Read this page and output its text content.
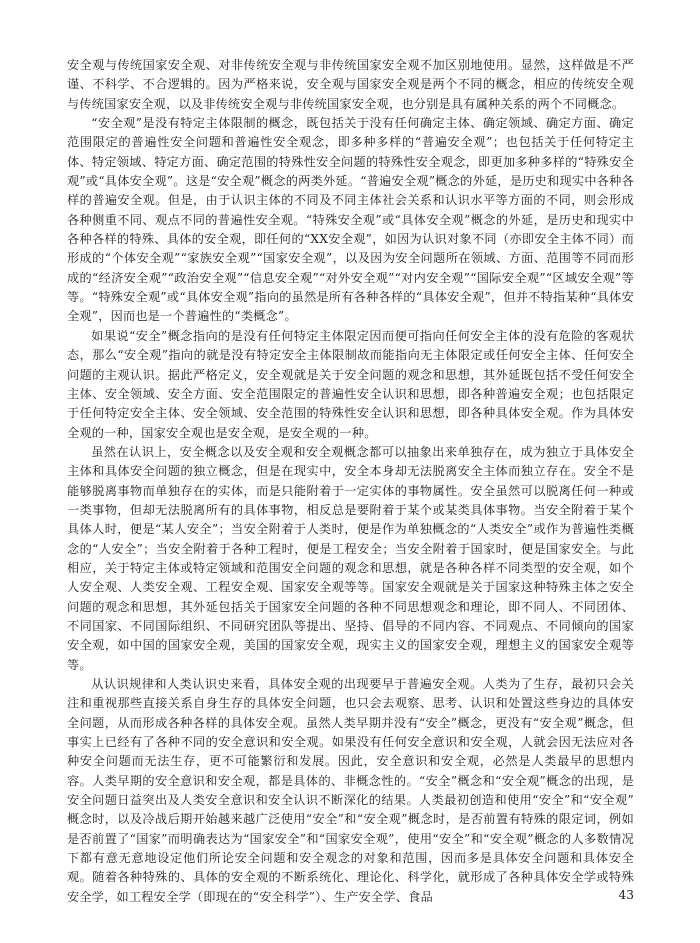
安全观与传统国家安全观、对非传统安全观与非传统国家安全观不加区别地使用。显然，这样做是不严谨、不科学、不合逻辑的。因为严格来说，安全观与国家安全观是两个不同的概念，相应的传统安全观与传统国家安全观，以及非传统安全观与非传统国家安全观，也分别是具有属种关系的两个不同概念。

“安全观”是没有特定主体限制的概念，既包括关于没有任何确定主体、确定领域、确定方面、确定范围限定的普遍性安全问题和普遍性安全观念，即多种多样的“普遍安全观”；也包括关于任何特定主体、特定领域、特定方面、确定范围的特殊性安全问题的特殊性安全观念，即更加多种多样的“特殊安全观”或“具体安全观”。这是“安全观”概念的两类外延。“普遍安全观”概念的外延，是历史和现实中各种各样的普遍安全观。但是，由于认识主体的不同及不同主体社会关系和认识水平等方面的不同，则会形成各种侧重不同、观点不同的普遍性安全观。“特殊安全观”或“具体安全观”概念的外延，是历史和现实中各种各样的特殊、具体的安全观，即任何的“XX安全观”，如因为认识对象不同（亦即安全主体不同）而形成的“个体安全观”“家族安全观”“国家安全观”，以及因为安全问题所在领域、方面、范围等不同而形成的“经济安全观”“政治安全观”“信息安全观”“对外安全观”“对内安全观”“国际安全观”“区域安全观”等等。“特殊安全观”或“具体安全观”指向的虽然是所有各种各样的“具体安全观”，但并不特指某种“具体安全观”，因而也是一个普遍性的“类概念”。

如果说“安全”概念指向的是没有任何特定主体限定因而便可指向任何安全主体的没有危险的客观状态，那么“安全观”指向的就是没有特定安全主体限制故而能指向无主体限定或任何安全主体、任何安全问题的主观认识。据此严格定义，安全观就是关于安全问题的观念和思想，其外延既包括不受任何安全主体、安全领域、安全方面、安全范围限定的普遍性安全认识和思想，即各种普遍安全观；也包括限定于任何特定安全主体、安全领域、安全范围的特殊性安全认识和思想，即各种具体安全观。作为具体安全观的一种，国家安全观也是安全观，是安全观的一种。

虽然在认识上，安全概念以及安全观和安全观概念都可以抽象出来单独存在，成为独立于具体安全主体和具体安全问题的独立概念，但是在现实中，安全本身却无法脱离安全主体而独立存在。安全不是能够脱离事物而单独存在的实体，而是只能附着于一定实体的事物属性。安全虽然可以脱离任何一种或一类事物，但却无法脱离所有的具体事物，相反总是要附着于某个或某类具体事物。当安全附着于某个具体人时，便是“某人安全”；当安全附着于人类时，便是作为单独概念的“人类安全”或作为普遍性类概念的“人安全”；当安全附着于各种工程时，便是工程安全；当安全附着于国家时，便是国家安全。与此相应，关于特定主体或特定领域和范围安全问题的观念和思想，就是各种各样不同类型的安全观，如个人安全观、人类安全观、工程安全观、国家安全观等等。国家安全观就是关于国家这种特殊主体之安全问题的观念和思想，其外延包括关于国家安全问题的各种不同思想观念和理论，即不同人、不同团体、不同国家、不同国际组织、不同研究团队等提出、坚持、倡导的不同内容、不同观点、不同倾向的国家安全观，如中国的国家安全观，美国的国家安全观，现实主义的国家安全观，理想主义的国家安全观等等。

从认识规律和人类认识史来看，具体安全观的出现要早于普遍安全观。人类为了生存，最初只会关注和重视那些直接关系自身生存的具体安全问题，也只会去观察、思考、认识和处置这些身边的具体安全问题，从而形成各种各样的具体安全观。虽然人类早期并没有“安全”概念，更没有“安全观”概念，但事实上已经有了各种不同的安全意识和安全观。如果没有任何安全意识和安全观，人就会因无法应对各种安全问题而无法生存，更不可能繁衍和发展。因此，安全意识和安全观，必然是人类最早的思想内容。人类早期的安全意识和安全观，都是具体的、非概念性的。“安全”概念和“安全观”概念的出现，是安全问题日益突出及人类安全意识和安全认识不断深化的结果。人类最初创造和使用“安全”和“安全观”概念时，以及冷战后期开始越来越广泛使用“安全”和“安全观”概念时，是否前置有特殊的限定词，例如是否前置了“国家”而明确表达为“国家安全”和“国家安全观”，使用“安全”和“安全观”概念的人多数情况下都有意无意地设定他们所论安全问题和安全观念的对象和范围，因而多是具体安全问题和具体安全观。随着各种特殊的、具体的安全观的不断系统化、理论化、科学化，就形成了各种具体安全学或特殊安全学，如工程安全学（即现在的“安全科学”）、生产安全学、食品	43
